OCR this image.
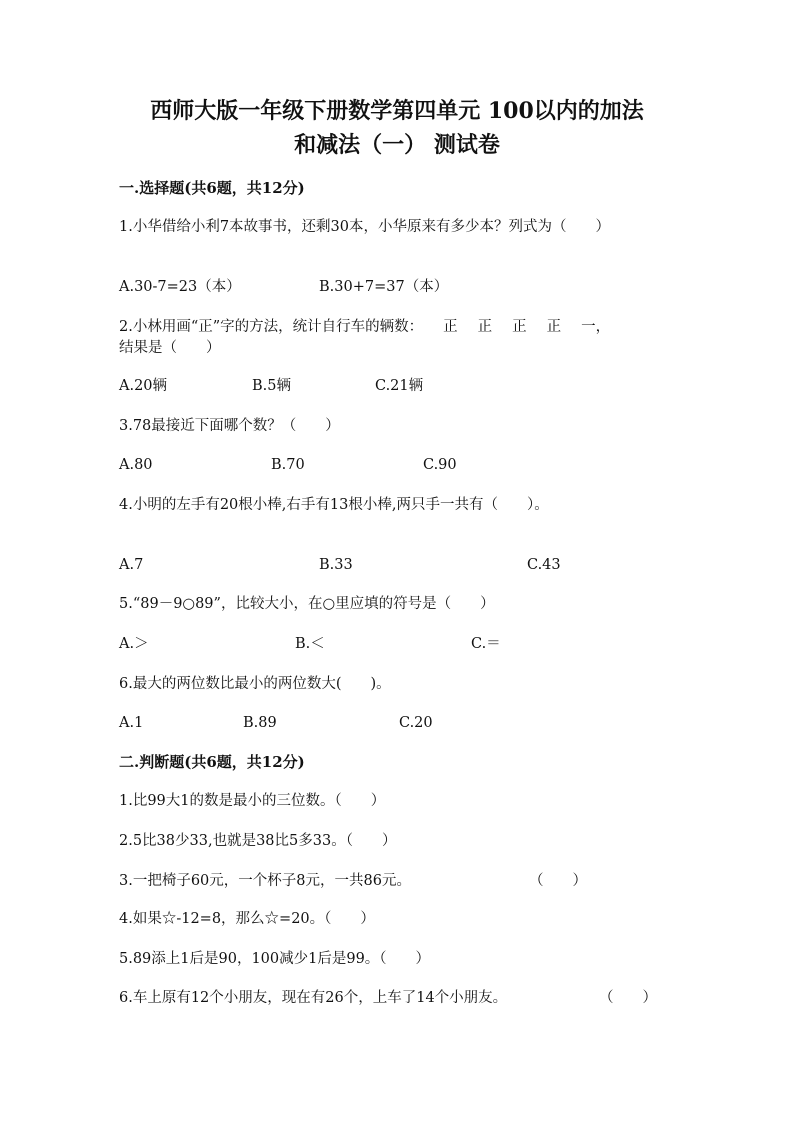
西师大版一年级下册数学第四单元 100以内的加法
和减法（一） 测试卷
一.选择题(共6题，共12分)
1.小华借给小利7本故事书，还剩30本，小华原来有多少本？列式为（　　）
A.30-7=23（本）	B.30+7=37（本）
2.小林用画“正”字的方法，统计自行车的辆数： 正 正 正 正 一，
结果是（　　）
A.20辆	B.5辆	C.21辆
3.78最接近下面哪个数？（　　）
A.80	B.70	C.90
4.小明的左手有20根小棒,右手有13根小棒,两只手一共有（　　）。
A.7	B.33	C.43
5.“89－9○89”，比较大小，在○里应填的符号是（　　）
A.＞	B.＜	C.＝
6.最大的两位数比最小的两位数大(　　)。
A.1	B.89	C.20
二.判断题(共6题，共12分)
1.比99大1的数是最小的三位数。（　　）
2.5比38少33,也就是38比5多33。（　　）
3.一把椅子60元，一个杯子8元，一共86元。	（　　）
4.如果☆-12=8，那么☆=20。（　　）
5.89添上1后是90，100减少1后是99。（　　）
6.车上原有12个小朋友，现在有26个，上车了14个小朋友。	（　　）
